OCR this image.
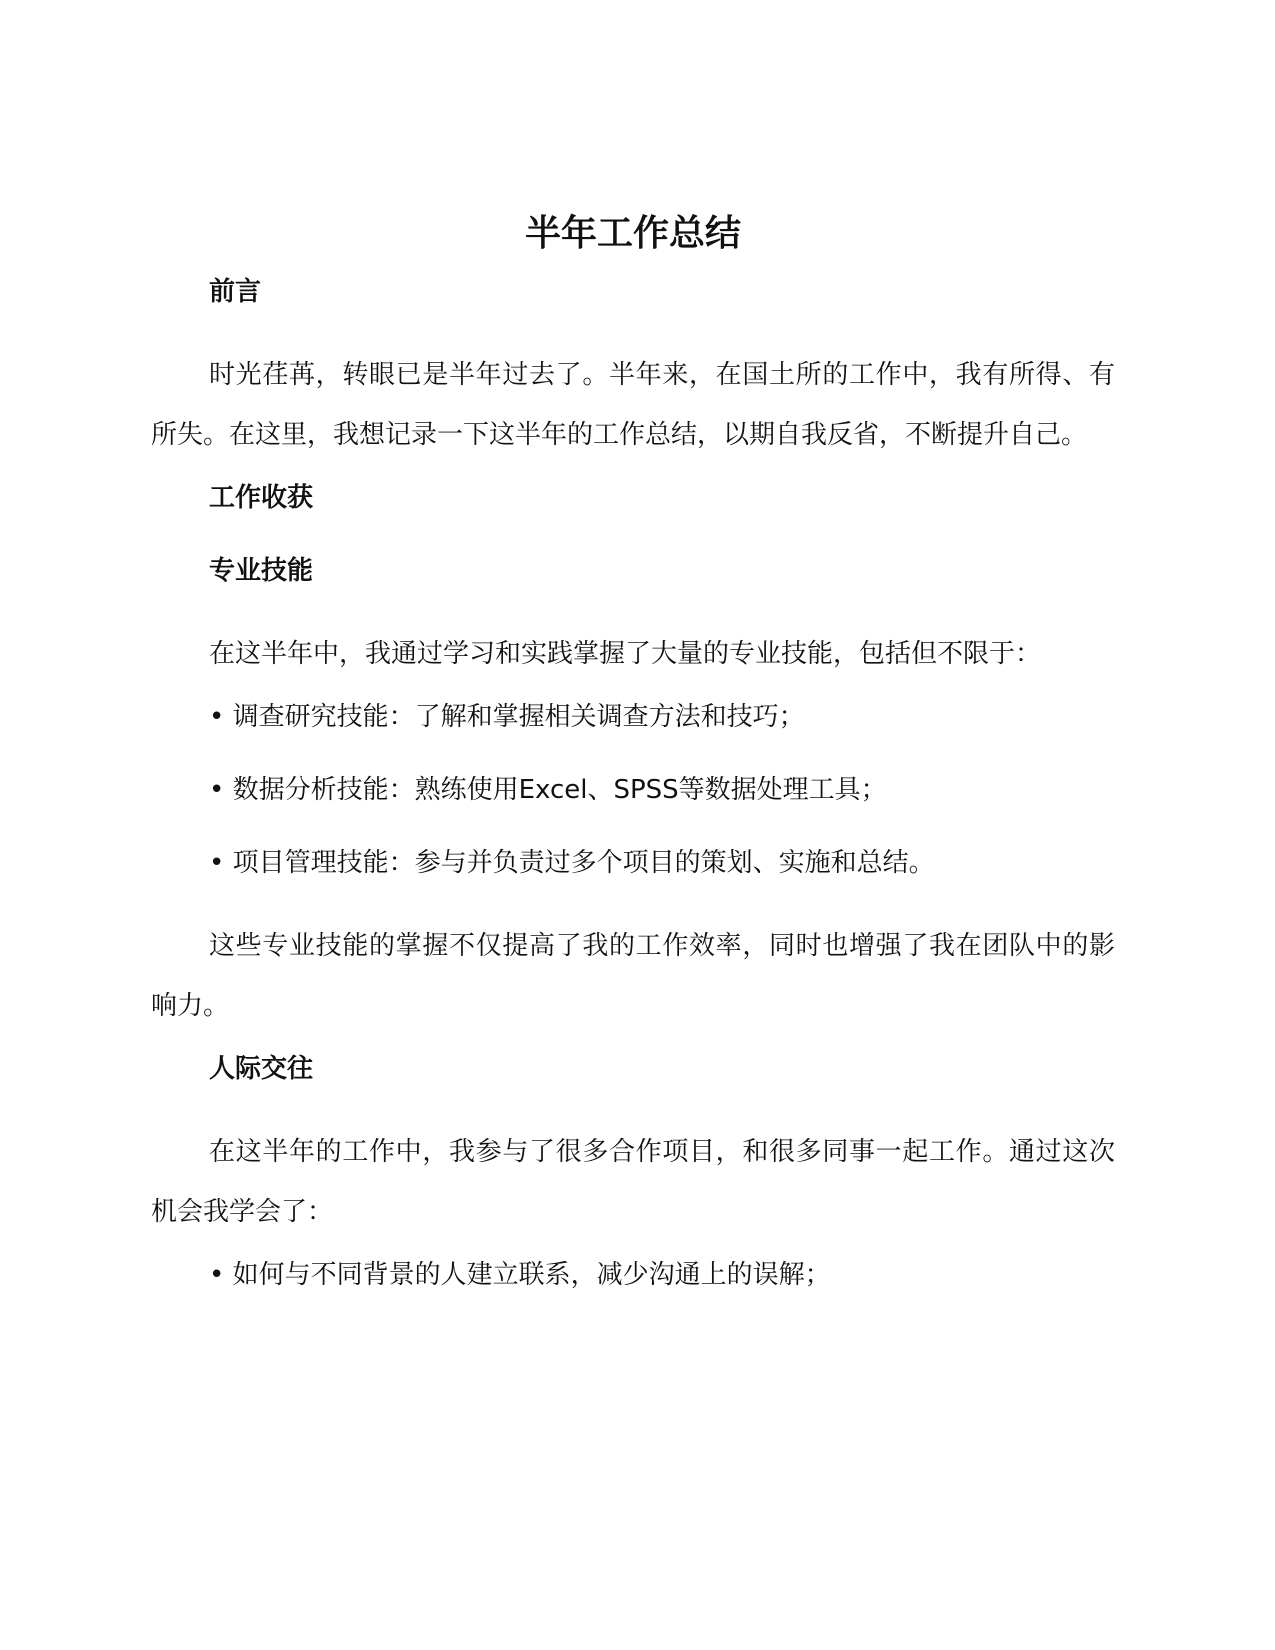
半年工作总结

前言

时光荏苒，转眼已是半年过去了。半年来，在国土所的工作中，我有所得、有所失。在这里，我想记录一下这半年的工作总结，以期自我反省，不断提升自己。

工作收获

专业技能

在这半年中，我通过学习和实践掌握了大量的专业技能，包括但不限于：

• 调查研究技能：了解和掌握相关调查方法和技巧；

• 数据分析技能：熟练使用Excel、SPSS等数据处理工具；

• 项目管理技能：参与并负责过多个项目的策划、实施和总结。

这些专业技能的掌握不仅提高了我的工作效率，同时也增强了我在团队中的影响力。

人际交往

在这半年的工作中，我参与了很多合作项目，和很多同事一起工作。通过这次机会我学会了：

• 如何与不同背景的人建立联系，减少沟通上的误解；
